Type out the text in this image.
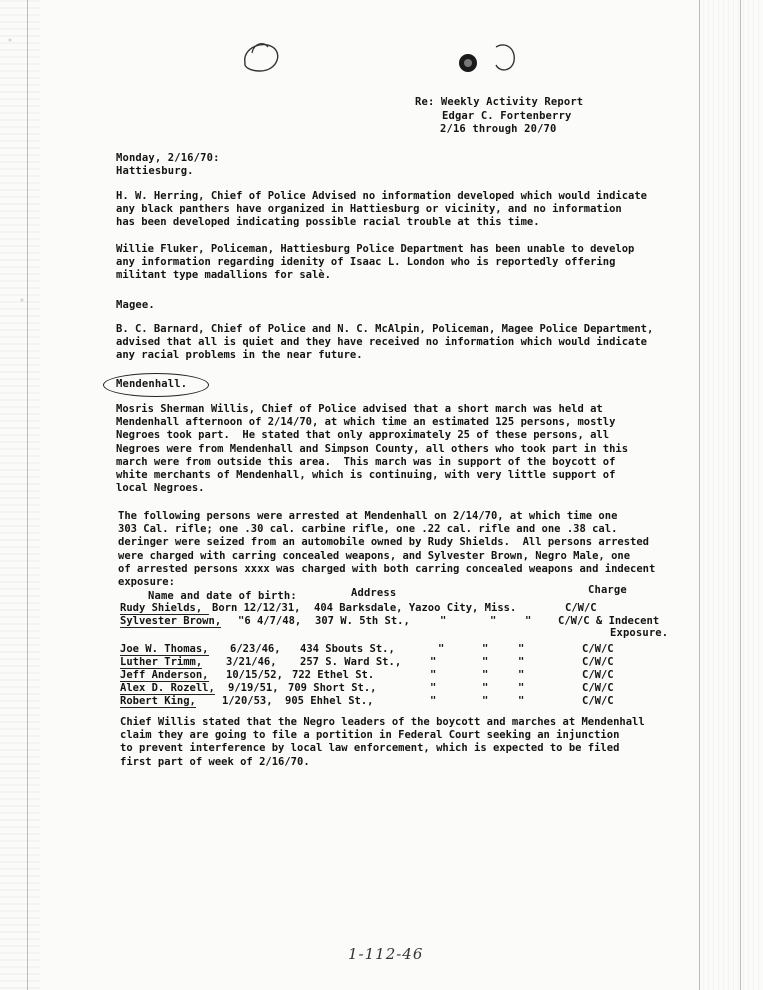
Re: Weekly Activity Report
Edgar C. Fortenberry
2/16 through 20/70
Monday, 2/16/70:
Hattiesburg.
H. W. Herring, Chief of Police Advised no information developed which would indicate
any black panthers have organized in Hattiesburg or vicinity, and no information
has been developed indicating possible racial trouble at this time.
Willie Fluker, Policeman, Hattiesburg Police Department has been unable to develop
any information regarding idenity of Isaac L. London who is reportedly offering
militant type madallions for salè.
Magee.
B. C. Barnard, Chief of Police and N. C. McAlpin, Policeman, Magee Police Department,
advised that all is quiet and they have received no information which would indicate
any racial problems in the near future.
Mendenhall.
Mosris Sherman Willis, Chief of Police advised that a short march was held at
Mendenhall afternoon of 2/14/70, at which time an estimated 125 persons, mostly
Negroes took part.  He stated that only approximately 25 of these persons, all
Negroes were from Mendenhall and Simpson County, all others who took part in this
march were from outside this area.  This march was in support of the boycott of
white merchants of Mendenhall, which is continuing, with very little support of
local Negroes.
The following persons were arrested at Mendenhall on 2/14/70, at which time one
303 Cal. rifle; one .30 cal. carbine rifle, one .22 cal. rifle and one .38 cal.
deringer were seized from an automobile owned by Rudy Shields.  All persons arrested
were charged with carring concealed weapons, and Sylvester Brown, Negro Male, one
of arrested persons xxxx was charged with both carring concealed weapons and indecent
exposure:
Name and date of birth:	Address	Charge
Rudy Shields, Born 12/12/31, 404 Barksdale, Yazoo City, Miss.	C/W/C
Sylvester Brown, "6 4/7/48, 307 W. 5th St.,	"	"	"	C/W/C & Indecent
Exposure.
Joe W. Thomas, 6/23/46, 434 Sbouts St.,	"	"	"	C/W/C
Luther Trimm, 3/21/46, 257 S. Ward St.,	"	"	"	C/W/C
Jeff Anderson, 10/15/52, 722 Ethel St.	"	"	"	C/W/C
Alex D. Rozell, 9/19/51, 709 Short St.,	"	"	"	C/W/C
Robert King, 1/20/53, 905 Ehhel St.,	"	"	"	C/W/C
Chief Willis stated that the Negro leaders of the boycott and marches at Mendenhall
claim they are going to file a portition in Federal Court seeking an injunction
to prevent interference by local law enforcement, which is expected to be filed
first part of week of 2/16/70.
1-112-46
